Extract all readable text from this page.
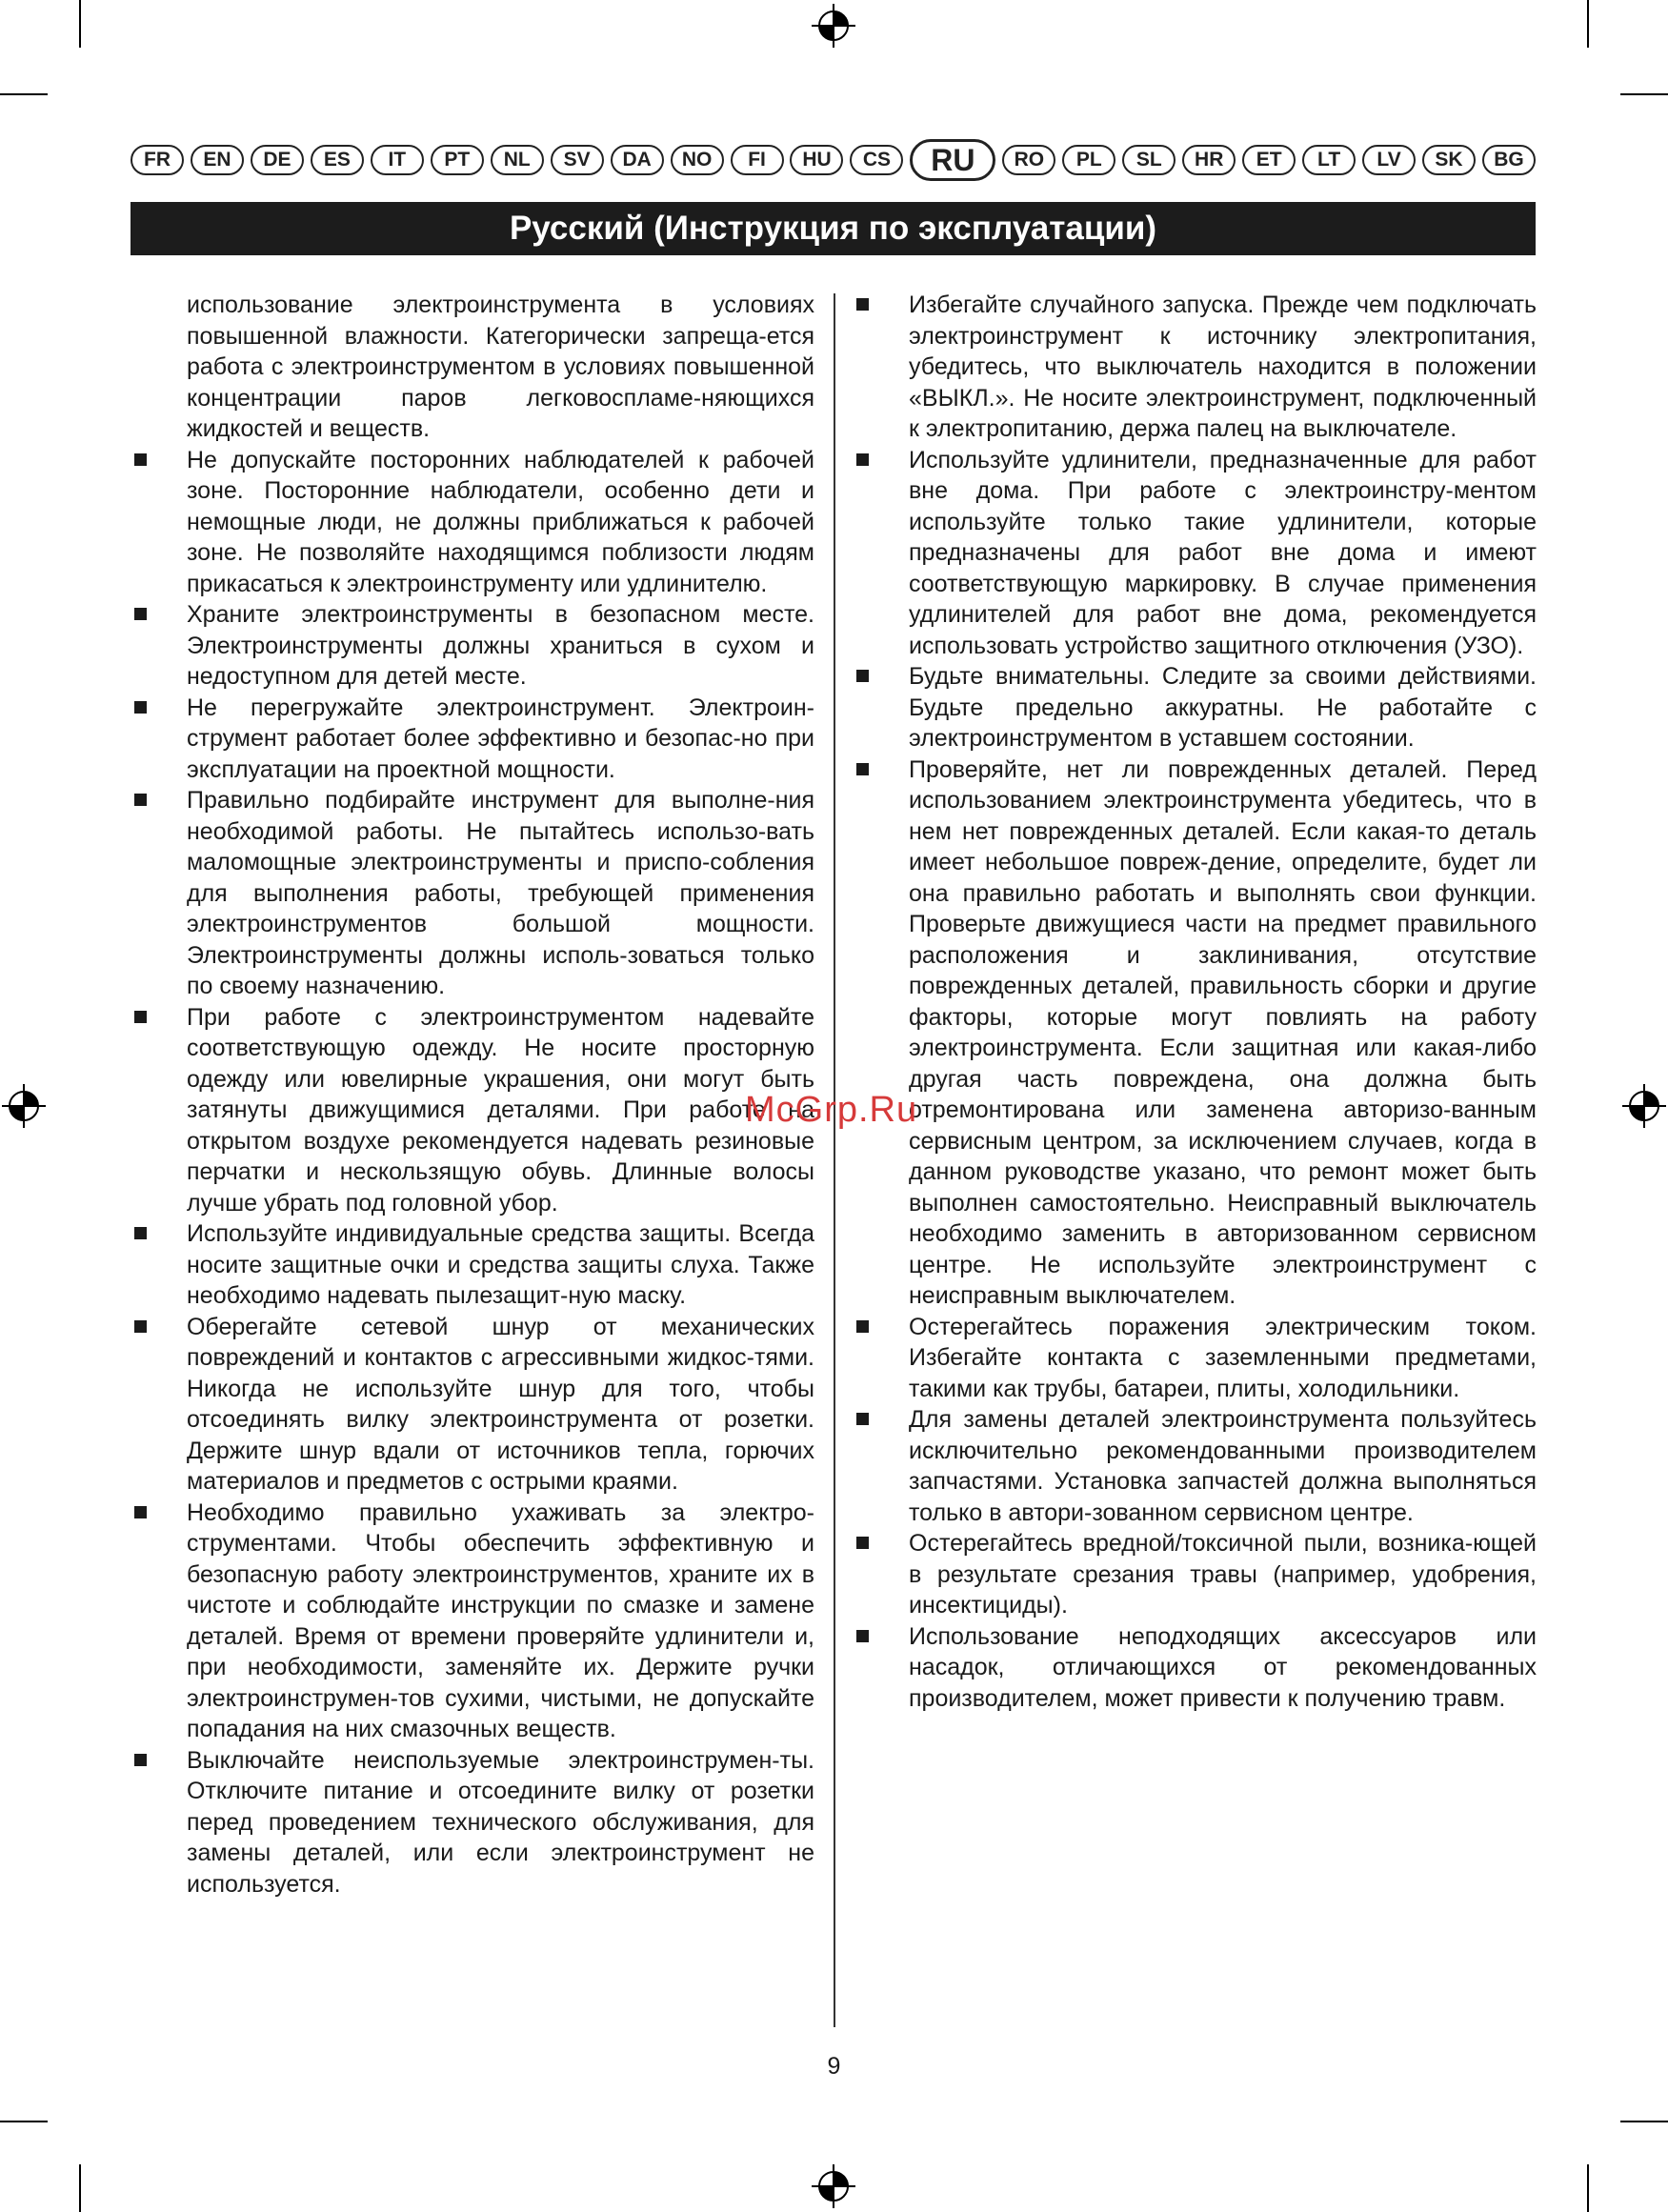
FR	EN	DE	ES	IT	PT	NL	SV	DA	NO	FI	HU	CS	RU	RO	PL	SL	HR	ET	LT	LV	SK	BG
Русский (Инструкция по эксплуатации)
использование электроинструмента в условиях повышенной влажности. Категорически запреща-ется работа с электроинструментом в условиях повышенной концентрации паров легковоспламе-няющихся жидкостей и веществ.
Не допускайте посторонних наблюдателей к рабочей зоне. Посторонние наблюдатели, особенно дети и немощные люди, не должны приближаться к рабочей зоне. Не позволяйте находящимся поблизости людям прикасаться к электроинструменту или удлинителю.
Храните электроинструменты в безопасном месте. Электроинструменты должны храниться в сухом и недоступном для детей месте.
Не перегружайте электроинструмент. Электроин-струмент работает более эффективно и безопас-но при эксплуатации на проектной мощности.
Правильно подбирайте инструмент для выполне-ния необходимой работы. Не пытайтесь использо-вать маломощные электроинструменты и приспо-собления для выполнения работы, требующей применения электроинструментов большой мощности. Электроинструменты должны исполь-зоваться только по своему назначению.
При работе с электроинструментом надевайте соответствующую одежду. Не носите просторную одежду или ювелирные украшения, они могут быть затянуты движущимися деталями. При работе на открытом воздухе рекомендуется надевать резиновые перчатки и нескользящую обувь. Длинные волосы лучше убрать под головной убор.
Используйте индивидуальные средства защиты. Всегда носите защитные очки и средства защиты слуха. Также необходимо надевать пылезащит-ную маску.
Оберегайте сетевой шнур от механических повреждений и контактов с агрессивными жидкос-тями. Никогда не используйте шнур для того, чтобы отсоединять вилку электроинструмента от розетки. Держите шнур вдали от источников тепла, горючих материалов и предметов с острыми краями.
Необходимо правильно ухаживать за электро-струментами. Чтобы обеспечить эффективную и безопасную работу электроинструментов, храните их в чистоте и соблюдайте инструкции по смазке и замене деталей. Время от времени проверяйте удлинители и, при необходимости, заменяйте их. Держите ручки электроинструмен-тов сухими, чистыми, не допускайте попадания на них смазочных веществ.
Выключайте неиспользуемые электроинструмен-ты. Отключите питание и отсоедините вилку от розетки перед проведением технического обслуживания, для замены деталей, или если электроинструмент не используется.
Избегайте случайного запуска. Прежде чем подключать электроинструмент к источнику электропитания, убедитесь, что выключатель находится в положении «ВЫКЛ.». Не носите электроинструмент, подключенный к электропитанию, держа палец на выключателе.
Используйте удлинители, предназначенные для работ вне дома. При работе с электроинстру-ментом используйте только такие удлинители, которые предназначены для работ вне дома и имеют соответствующую маркировку. В случае применения удлинителей для работ вне дома, рекомендуется использовать устройство защитного отключения (УЗО).
Будьте внимательны. Следите за своими действиями. Будьте предельно аккуратны. Не работайте с электроинструментом в уставшем состоянии.
Проверяйте, нет ли поврежденных деталей. Перед использованием электроинструмента убедитесь, что в нем нет поврежденных деталей. Если какая-то деталь имеет небольшое повреж-дение, определите, будет ли она правильно работать и выполнять свои функции. Проверьте движущиеся части на предмет правильного расположения и заклинивания, отсутствие поврежденных деталей, правильность сборки и другие факторы, которые могут повлиять на работу электроинструмента. Если защитная или какая-либо другая часть повреждена, она должна быть отремонтирована или заменена авторизо-ванным сервисным центром, за исключением случаев, когда в данном руководстве указано, что ремонт может быть выполнен самостоятельно. Неисправный выключатель необходимо заменить в авторизованном сервисном центре. Не используйте электроинструмент с неисправным выключателем.
Остерегайтесь поражения электрическим током. Избегайте контакта с заземленными предметами, такими как трубы, батареи, плиты, холодильники.
Для замены деталей электроинструмента пользуйтесь исключительно рекомендованными производителем запчастями. Установка запчастей должна выполняться только в автори-зованном сервисном центре.
Остерегайтесь вредной/токсичной пыли, возника-ющей в результате срезания травы (например, удобрения, инсектициды).
Использование неподходящих аксессуаров или насадок, отличающихся от рекомендованных производителем, может привести к получению травм.
McGrp.Ru
9
